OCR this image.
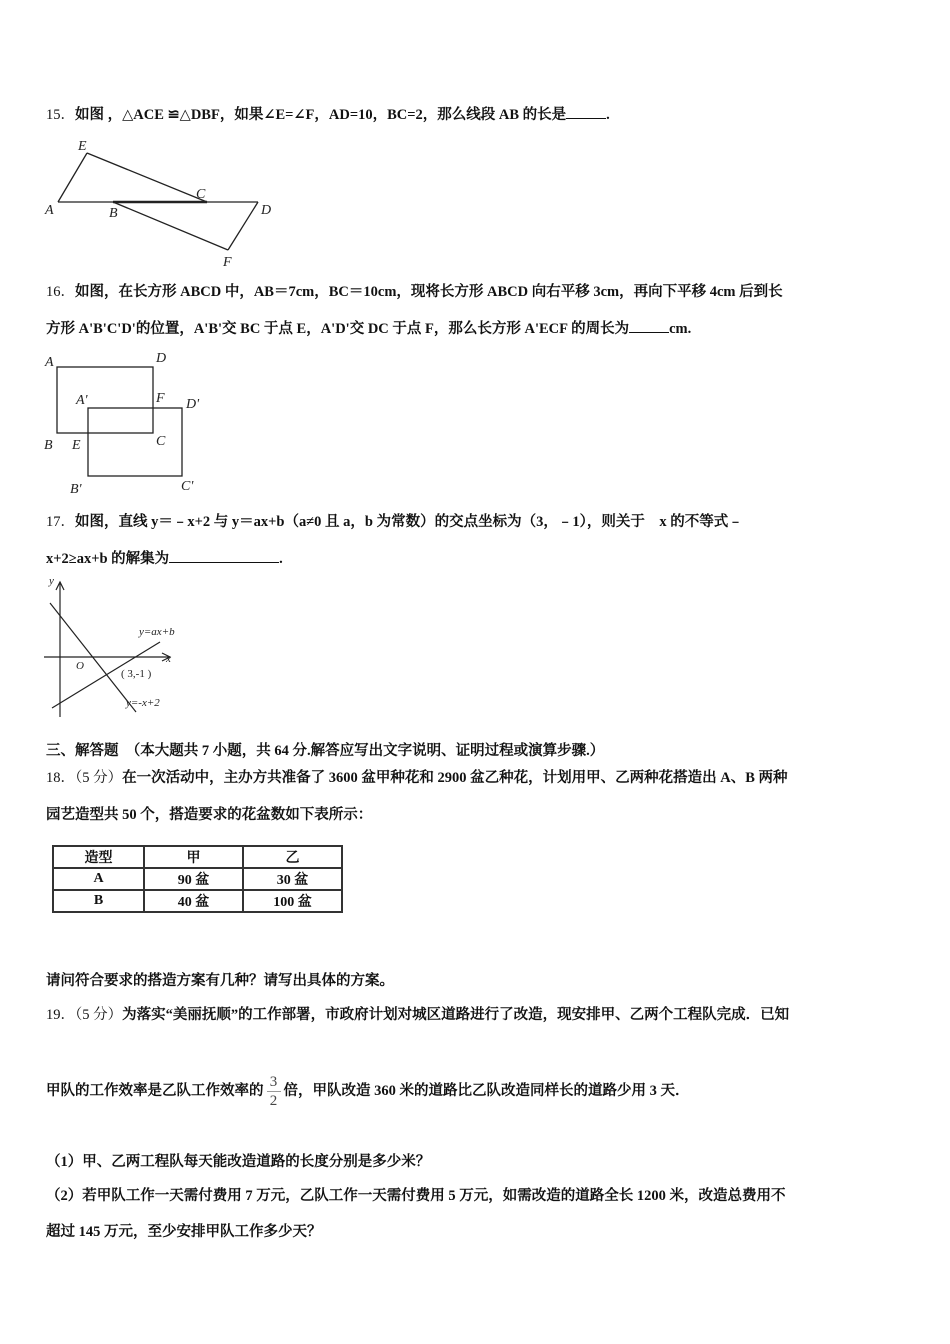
15．如图 ，△ACE ≌△DBF，如果∠E=∠F，AD=10，BC=2，那么线段 AB 的长是	.
E
A	B
C
D
F
16．如图，在长方形 ABCD 中，AB＝7cm，BC＝10cm，现将长方形 ABCD 向右平移 3cm，再向下平移 4cm 后到长
方形 A'B'C'D'的位置，A'B'交 BC 于点 E，A'D'交 DC 于点 F，那么长方形 A'ECF 的周长为	cm.
A	D
A'	F D'
B E	C
B'	C'
17．如图，直线 y＝﹣x+2 与 y＝ax+b（a≠0 且 a，b 为常数）的交点坐标为（3，﹣1），则关于　x 的不等式﹣
x+2≥ax+b 的解集为	.
y
x
O
y=ax+b
( 3,-1 )
y=-x+2
三、解答题　（本大题共 7 小题，共 64 分.解答应写出文字说明、证明过程或演算步骤.）
18．（5 分）在一次活动中，主办方共准备了 3600 盆甲种花和 2900 盆乙种花，计划用甲、乙两种花搭造出 A、B 两种
园艺造型共 50 个，搭造要求的花盆数如下表所示：
造型	甲	乙
A	90 盆	30 盆
B	40 盆	100 盆
请问符合要求的搭造方案有几种？请写出具体的方案。
19．（5 分）为落实“美丽抚顺”的工作部署，市政府计划对城区道路进行了改造，现安排甲、乙两个工程队完成．已知
甲队的工作效率是乙队工作效率的 $\frac{3}{2}$ 倍，甲队改造 360 米的道路比乙队改造同样长的道路少用 3 天．
（1）甲、乙两工程队每天能改造道路的长度分别是多少米？
（2）若甲队工作一天需付费用 7 万元，乙队工作一天需付费用 5 万元，如需改造的道路全长 1200 米，改造总费用不
超过 145 万元，至少安排甲队工作多少天？
